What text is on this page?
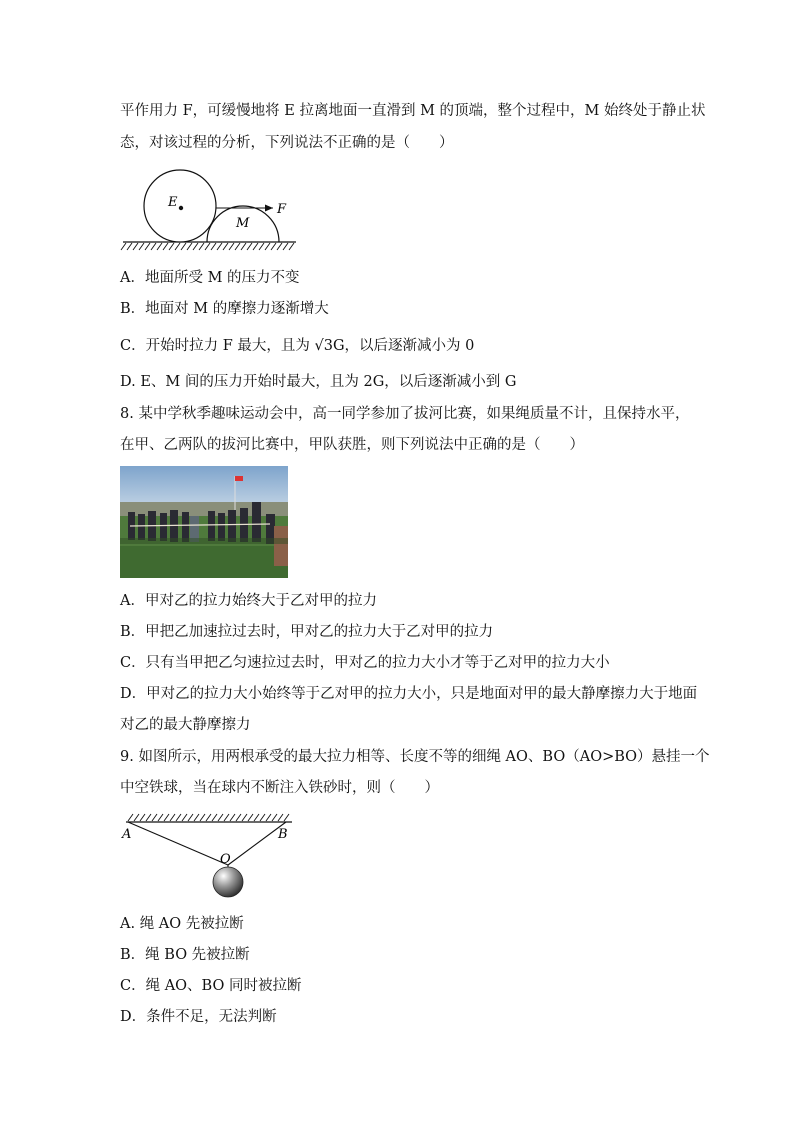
平作用力 F，可缓慢地将 E 拉离地面一直滑到 M 的顶端，整个过程中，M 始终处于静止状
态，对该过程的分析，下列说法不正确的是（　　）
E
M
F
A．地面所受 M 的压力不变
B．地面对 M 的摩擦力逐渐增大
C．开始时拉力 F 最大，且为 √3G，以后逐渐减小为 0
D. E、M 间的压力开始时最大，且为 2G，以后逐渐减小到 G
8. 某中学秋季趣味运动会中，高一同学参加了拔河比赛，如果绳质量不计，且保持水平，
在甲、乙两队的拔河比赛中，甲队获胜，则下列说法中正确的是（　　）
A．甲对乙的拉力始终大于乙对甲的拉力
B．甲把乙加速拉过去时，甲对乙的拉力大于乙对甲的拉力
C．只有当甲把乙匀速拉过去时，甲对乙的拉力大小才等于乙对甲的拉力大小
D．甲对乙的拉力大小始终等于乙对甲的拉力大小，只是地面对甲的最大静摩擦力大于地面
对乙的最大静摩擦力
9. 如图所示，用两根承受的最大拉力相等、长度不等的细绳 AO、BO（AO>BO）悬挂一个
中空铁球，当在球内不断注入铁砂时，则（　　）
A	B
O
A. 绳 AO 先被拉断
B．绳 BO 先被拉断
C．绳 AO、BO 同时被拉断
D．条件不足，无法判断
